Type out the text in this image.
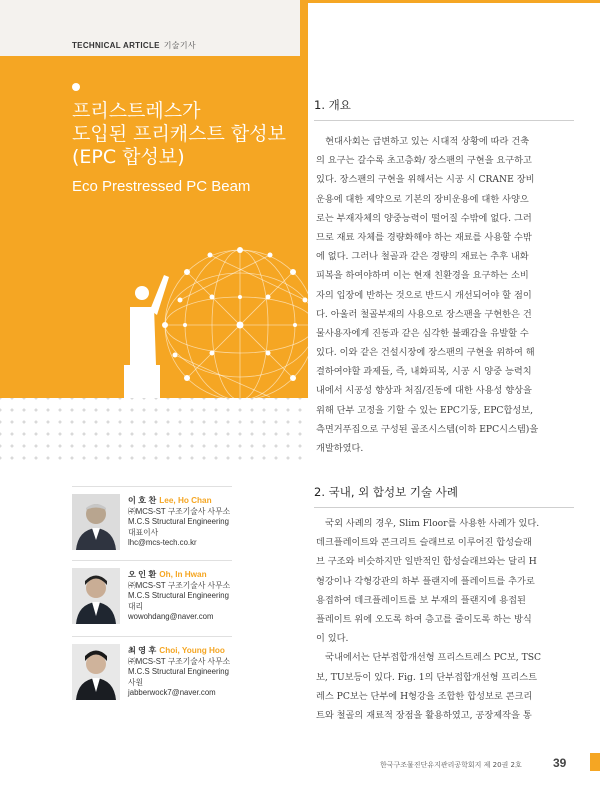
TECHNICAL ARTICLE 기술기사
프리스트레스가
도입된 프리캐스트 합성보
(EPC 합성보)
Eco Prestressed PC Beam
1. 개요
　현대사회는 급변하고 있는 시대적 상황에 따라 건축
의 요구는 갈수록 초고층화/ 장스팬의 구현을 요구하고
있다. 장스팬의 구현을 위해서는 시공 시 CRANE 장비
운용에 대한 제약으로 기본의 장비운용에 대한 사양으
로는 부재자체의 양중능력이 떨어질 수밖에 없다. 그러
므로 재료 자체를 경량화해야 하는 재료를 사용할 수밖
에 없다. 그러나 철골과 같은 경량의 재료는 추후 내화
피복을 하여야하며 이는 현재 친환경을 요구하는 소비
자의 입장에 반하는 것으로 반드시 개선되어야 할 점이
다. 아울러 철골부재의 사용으로 장스팬을 구현한은 건
물사용자에게 진동과 같은 심각한 불쾌감을 유발할 수
있다. 이와 같은 건설시장에 장스팬의 구현을 위하여 해
결하여야할 과제들, 즉, 내화피복, 시공 시 양중 능력치
내에서 시공성 향상과 처짐/진동에 대한 사용성 향상을
위해 단부 고정을 기할 수 있는 EPC기둥, EPC합성보,
측면거푸집으로 구성된 골조시스템(이하 EPC시스템)을
개발하였다.
2. 국내, 외 합성보 기술 사례
　국외 사례의 경우, Slim Floor를 사용한 사례가 있다.
데크플레이트와 콘크리트 슬래브로 이루어진 합성슬래
브 구조와 비슷하지만 일반적인 합성슬래브와는 달리 H
형강이나 각형강관의 하부 플랜지에 플레이트를 추가로
용접하여 데크플레이트를 보 부재의 플랜지에 용접된
플레이트 위에 오도록 하여 층고를 줄이도록 하는 방식
이 있다.
　국내에서는 단부접합개선형 프리스트레스 PC보, TSC
보, TU보등이 있다. Fig. 1의 단부접합개선형 프리스트
레스 PC보는 단부에 H형강을 조합한 합성보로 콘크리
트와 철골의 재료적 장점을 활용하였고, 공장제작을 통
이 호 찬 Lee, Ho Chan
㈜MCS-ST 구조기술사 사무소
M.C.S Structural Engineering
대표이사
lhc@mcs-tech.co.kr
오 인 환 Oh, In Hwan
㈜MCS-ST 구조기술사 사무소
M.C.S Structural Engineering
대리
wowohdang@naver.com
최 영 후 Choi, Young Hoo
㈜MCS-ST 구조기술사 사무소
M.C.S Structural Engineering
사원
jabberwock7@naver.com
한국구조물진단유지관리공학회지 제 20권 2호	39
